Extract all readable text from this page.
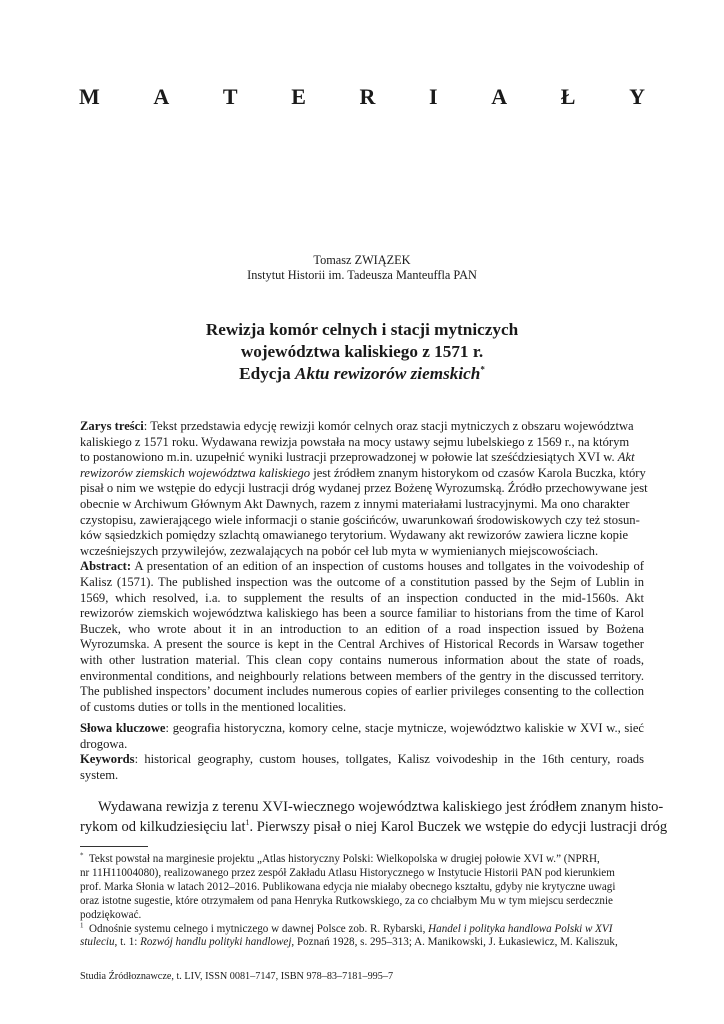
M A T E R I A Ł Y
Tomasz ZWIĄZEK
Instytut Historii im. Tadeusza Manteuffla PAN
Rewizja komór celnych i stacji mytniczych
województwa kaliskiego z 1571 r.
Edycja Aktu rewizorów ziemskich*

Zarys treści: Tekst przedstawia edycję rewizji komór celnych oraz stacji mytniczych z obszaru województwa
kaliskiego z 1571 roku. Wydawana rewizja powstała na mocy ustawy sejmu lubelskiego z 1569 r., na którym
to postanowiono m.in. uzupełnić wyniki lustracji przeprowadzonej w połowie lat sześćdziesiątych XVI w. Akt
rewizorów ziemskich województwa kaliskiego jest źródłem znanym historykom od czasów Karola Buczka, który
pisał o nim we wstępie do edycji lustracji dróg wydanej przez Bożenę Wyrozumską. Źródło przechowywane jest
obecnie w Archiwum Głównym Akt Dawnych, razem z innymi materiałami lustracyjnymi. Ma ono charakter
czystopisu, zawierającego wiele informacji o stanie gościńców, uwarunkowań środowiskowych czy też stosun-
ków sąsiedzkich pomiędzy szlachtą omawianego terytorium. Wydawany akt rewizorów zawiera liczne kopie
wcześniejszych przywilejów, zezwalających na pobór ceł lub myta w wymienianych miejscowościach.

Abstract: A presentation of an edition of an inspection of customs houses and tollgates in the voivodeship of Kalisz (1571). The published inspection was the outcome of a constitution passed by the Sejm of Lublin in 1569, which resolved, i.a. to supplement the results of an inspection conducted in the mid-1560s. Akt rewizorów ziemskich województwa kaliskiego has been a source familiar to historians from the time of Karol Buczek, who wrote about it in an introduction to an edition of a road inspection issued by Bożena Wyrozumska. A present the source is kept in the Central Archives of Historical Records in Warsaw together with other lustration material. This clean copy contains numerous information about the state of roads, environmental conditions, and neighbourly relations between members of the gentry in the discussed territory. The published inspectors’ document includes numerous copies of earlier privileges consenting to the collection of customs duties or tolls in the mentioned localities.

Słowa kluczowe: geografia historyczna, komory celne, stacje mytnicze, województwo kaliskie w XVI w., sieć drogowa.

Keywords: historical geography, custom houses, tollgates, Kalisz voivodeship in the 16th century, roads system.

Wydawana rewizja z terenu XVI-wiecznego województwa kaliskiego jest źródłem znanym histo-
rykom od kilkudziesięciu lat$^1$. Pierwszy pisał o niej Karol Buczek we wstępie do edycji lustracji dróg
* Tekst powstał na marginesie projektu „Atlas historyczny Polski: Wielkopolska w drugiej połowie XVI w.” (NPRH,
nr 11H11004080), realizowanego przez zespół Zakładu Atlasu Historycznego w Instytucie Historii PAN pod kierunkiem
prof. Marka Słonia w latach 2012–2016. Publikowana edycja nie miałaby obecnego kształtu, gdyby nie krytyczne uwagi
oraz istotne sugestie, które otrzymałem od pana Henryka Rutkowskiego, za co chciałbym Mu w tym miejscu serdecznie
podziękować.
$^1$ Odnośnie systemu celnego i mytniczego w dawnej Polsce zob. R. Rybarski, Handel i polityka handlowa Polski w XVI
stuleciu, t. 1: Rozwój handlu polityki handlowej, Poznań 1928, s. 295–313; A. Manikowski, J. Łukasiewicz, M. Kaliszuk,
Studia Źródłoznawcze, t. LIV, ISSN 0081–7147, ISBN 978–83–7181–995–7
